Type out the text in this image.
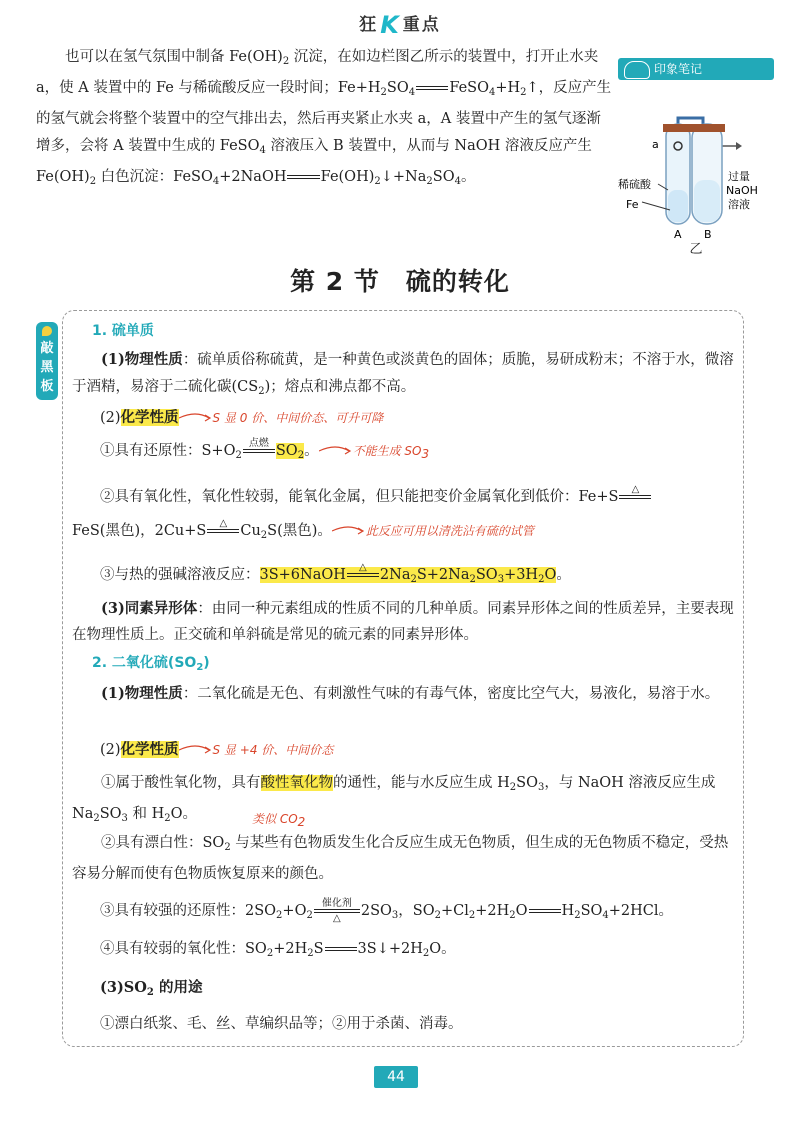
狂K 重点

也可以在氢气氛围中制备 $Fe(OH)_2$ 沉淀，在如边栏图乙所示的装置中，打开止水夹 a，使 A 装置中的 Fe 与稀硫酸反应一段时间；$Fe+H_2SO_4$

$FeSO_4+H_2↑$，反应产生的氢气就会将整个装置中的空气排出去，然后再夹紧止水夹 a，A 装置中产生的氢气逐渐增多，会将 A 装置中生成的 FeSO$_4$ 溶液压入 B 装置中，从而与 NaOH 溶液反应产生 $Fe(OH)_2$ 白色沉淀：FeSO$_4$+2NaOH

$Fe(OH)_2↓+Na_2SO_4$。

印象笔记
a
稀硫酸
Fe
过量
NaOH
溶液
A B
乙
第 2 节　硫的转化
敲
黑
板

1. 硫单质

(1)物理性质：硫单质俗称硫黄，是一种黄色或淡黄色的固体；质脆，易研成粉末；不溶于水，微溶于酒精，易溶于二硫化碳$(CS_2)$；熔点和沸点都不高。

(2)化学性质	S 显 0 价、中间价态、可升可降

①具有还原性：$S+O_2$
点燃
$SO_2$。	不能生成 $SO_3$

②具有氧化性，氧化性较弱，能氧化金属，但只能把变价金属氧化到低价：Fe+S	△

FeS(黑色)，2Cu+S	△
$Cu_2S$(黑色)。	此反应可用以清洗沾有硫的试管

③与热的强碱溶液反应：3S+6NaOH	△
$2Na_2S+2Na_2SO_3+3H_2O$。

(3)同素异形体：由同一种元素组成的性质不同的几种单质。同素异形体之间的性质差异，主要表现在物理性质上。正交硫和单斜硫是常见的硫元素的同素异形体。

2. 二氧化硫$(SO_2)$

(1)物理性质：二氧化硫是无色、有刺激性气味的有毒气体，密度比空气大，易液化，易溶于水。

(2)化学性质	S 显 +4 价、中间价态

①属于酸性氧化物，具有酸性氧化物的通性，能与水反应生成 $H_2SO_3$，与 NaOH 溶液反应生成 $Na_2SO_3$ 和 $H_2O$。	类似 $CO_2$

②具有漂白性：$SO_2$ 与某些有色物质发生化合反应生成无色物质，但生成的无色物质不稳定，受热容易分解而使有色物质恢复原来的颜色。

③具有较强的还原性：$2SO_2+O_2$
催化剂
△	$2SO_3$，$SO_2+Cl_2+2H_2O$

$H_2SO_4+2HCl$。

④具有较弱的氧化性：$SO_2+2H_2S$

$3S↓+2H_2O$。

$(3)SO_2$ 的用途

①漂白纸浆、毛、丝、草编织品等；②用于杀菌、消毒。

44
